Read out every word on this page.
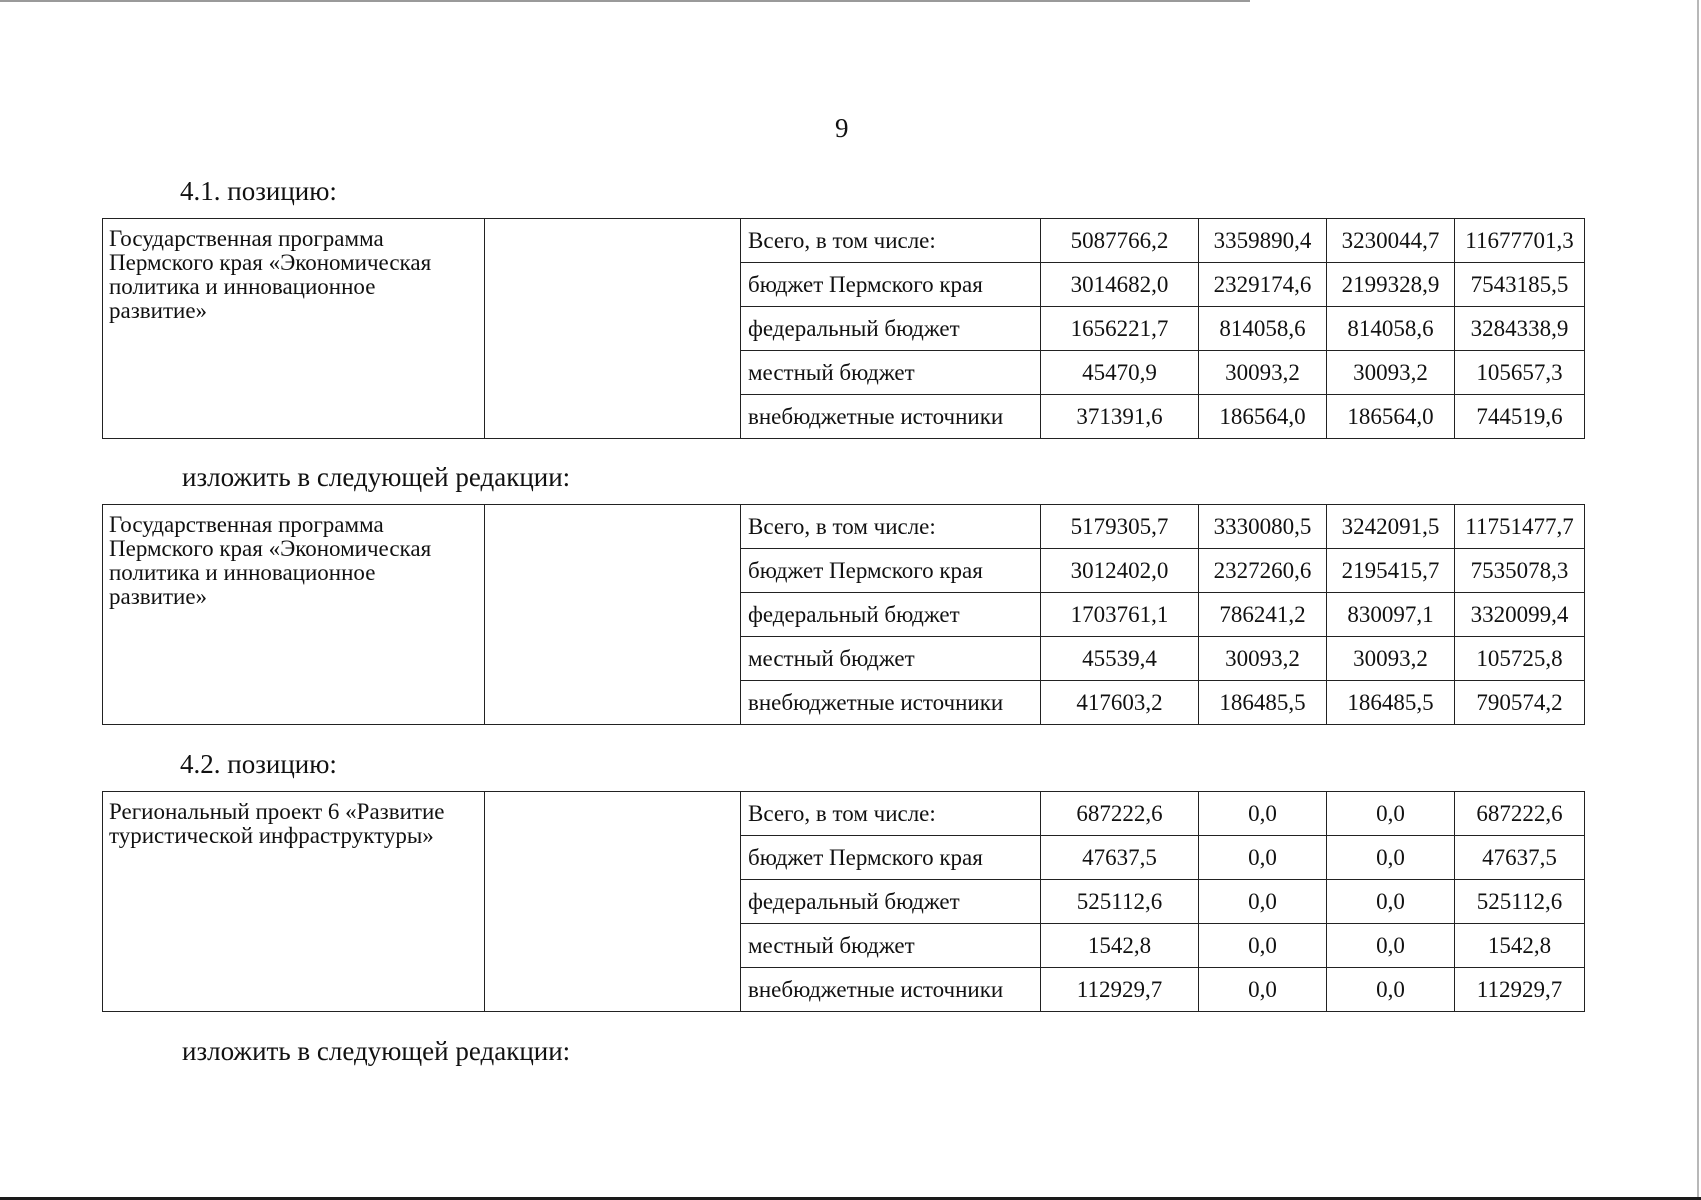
9
4.1. позицию:
изложить в следующей редакции:
4.2. позицию:
изложить в следующей редакции:
Государственная программа Пермского края «Экономическая политика и инновационное развитие»		Всего, в том числе:	5087766,2	3359890,4	3230044,7	11677701,3
		бюджет Пермского края	3014682,0	2329174,6	2199328,9	7543185,5
		федеральный бюджет	1656221,7	814058,6	814058,6	3284338,9
		местный бюджет	45470,9	30093,2	30093,2	105657,3
		внебюджетные источники	371391,6	186564,0	186564,0	744519,6
Государственная программа Пермского края «Экономическая политика и инновационное развитие»		Всего, в том числе:	5179305,7	3330080,5	3242091,5	11751477,7
		бюджет Пермского края	3012402,0	2327260,6	2195415,7	7535078,3
		федеральный бюджет	1703761,1	786241,2	830097,1	3320099,4
		местный бюджет	45539,4	30093,2	30093,2	105725,8
		внебюджетные источники	417603,2	186485,5	186485,5	790574,2
Региональный проект 6 «Развитие туристической инфраструктуры»		Всего, в том числе:	687222,6	0,0	0,0	687222,6
		бюджет Пермского края	47637,5	0,0	0,0	47637,5
		федеральный бюджет	525112,6	0,0	0,0	525112,6
		местный бюджет	1542,8	0,0	0,0	1542,8
		внебюджетные источники	112929,7	0,0	0,0	112929,7
